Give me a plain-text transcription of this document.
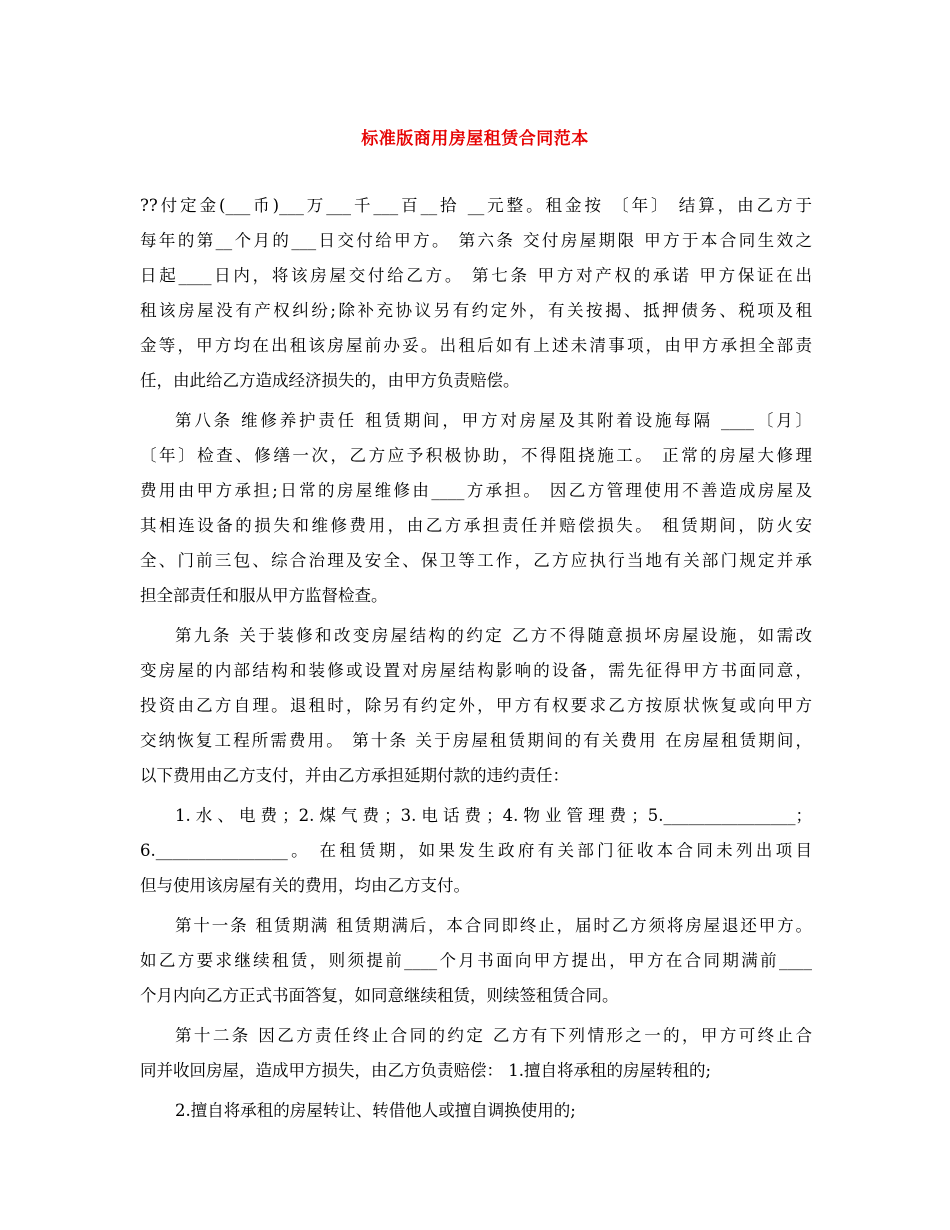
标准版商用房屋租赁合同范本
??付定金(___币)___万___千___百__拾 __元整。租金按 〔年〕 结算，由乙方于
每年的第__个月的___日交付给甲方。 第六条 交付房屋期限 甲方于本合同生效之
日起____日内，将该房屋交付给乙方。 第七条 甲方对产权的承诺 甲方保证在出
租该房屋没有产权纠纷;除补充协议另有约定外，有关按揭、抵押债务、税项及租
金等，甲方均在出租该房屋前办妥。出租后如有上述未清事项，由甲方承担全部责
任，由此给乙方造成经济损失的，由甲方负责赔偿。
第八条 维修养护责任 租赁期间，甲方对房屋及其附着设施每隔 ____〔月〕
〔年〕检查、修缮一次，乙方应予积极协助，不得阻挠施工。 正常的房屋大修理
费用由甲方承担;日常的房屋维修由____方承担。 因乙方管理使用不善造成房屋及
其相连设备的损失和维修费用，由乙方承担责任并赔偿损失。 租赁期间，防火安
全、门前三包、综合治理及安全、保卫等工作，乙方应执行当地有关部门规定并承
担全部责任和服从甲方监督检查。
第九条 关于装修和改变房屋结构的约定 乙方不得随意损坏房屋设施，如需改
变房屋的内部结构和装修或设置对房屋结构影响的设备，需先征得甲方书面同意，
投资由乙方自理。退租时，除另有约定外，甲方有权要求乙方按原状恢复或向甲方
交纳恢复工程所需费用。 第十条 关于房屋租赁期间的有关费用 在房屋租赁期间，
以下费用由乙方支付，并由乙方承担延期付款的违约责任：
1.水、电费；2.煤气费；3.电话费；4.物业管理费；5.________________；
6.________________。 在租赁期，如果发生政府有关部门征收本合同未列出项目
但与使用该房屋有关的费用，均由乙方支付。
第十一条 租赁期满 租赁期满后，本合同即终止，届时乙方须将房屋退还甲方。
如乙方要求继续租赁，则须提前____个月书面向甲方提出，甲方在合同期满前____
个月内向乙方正式书面答复，如同意继续租赁，则续签租赁合同。
第十二条 因乙方责任终止合同的约定 乙方有下列情形之一的，甲方可终止合
同并收回房屋，造成甲方损失，由乙方负责赔偿： 1.擅自将承租的房屋转租的;
2.擅自将承租的房屋转让、转借他人或擅自调换使用的;
